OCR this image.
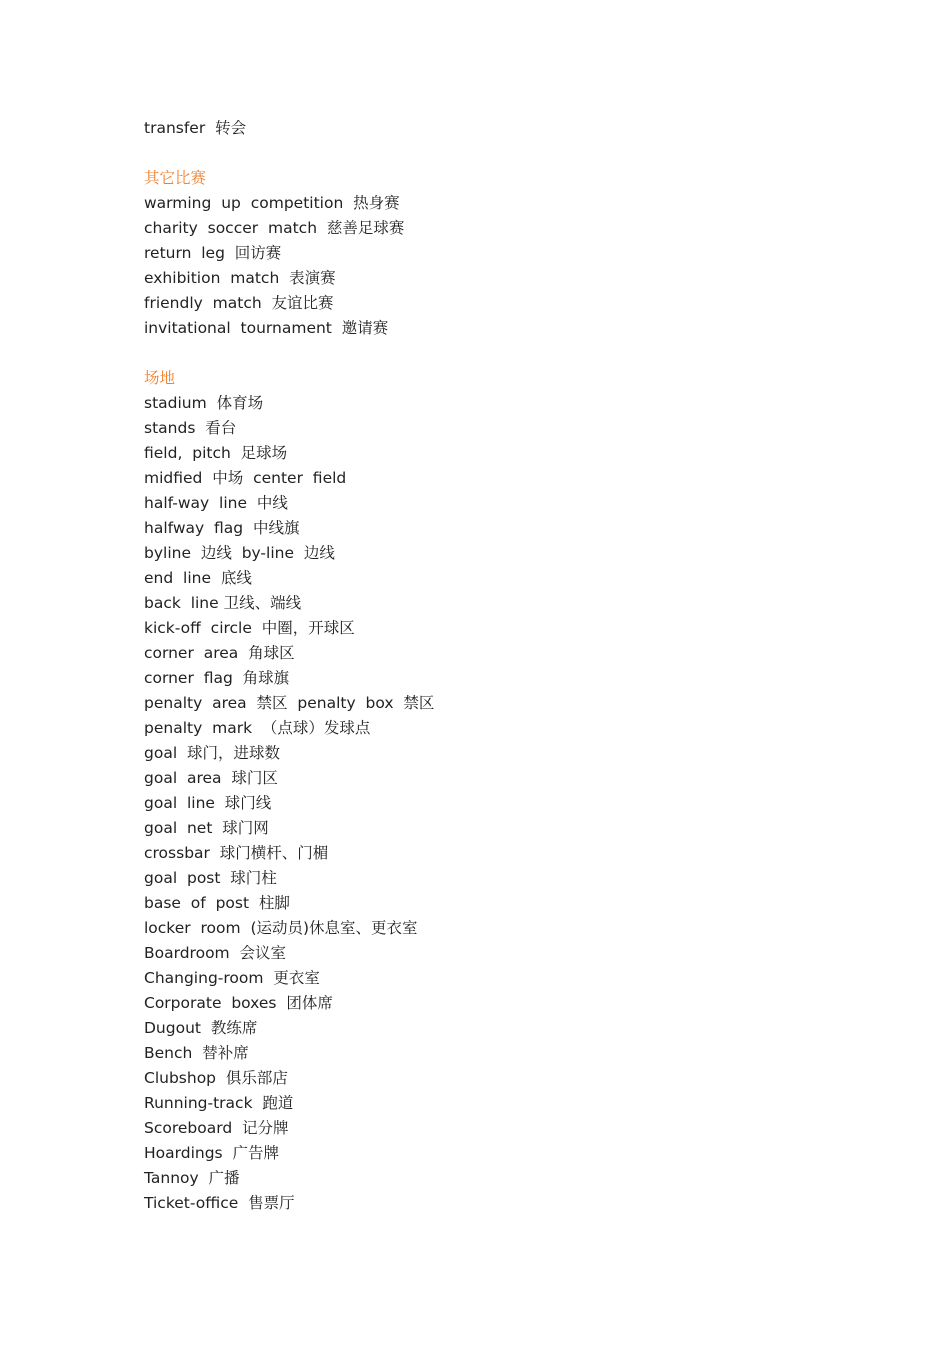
transfer  转会
其它比赛
warming  up  competition  热身赛
charity  soccer  match  慈善足球赛
return  leg  回访赛
exhibition  match  表演赛
friendly  match  友谊比赛
invitational  tournament  邀请赛
场地
stadium  体育场
stands  看台
field,  pitch  足球场
midfied  中场  center  field
half-way  line  中线
halfway  flag  中线旗
byline  边线  by-line  边线
end  line  底线
back  line 卫线、端线
kick-off  circle  中圈，开球区
corner  area  角球区
corner  flag  角球旗
penalty  area  禁区  penalty  box  禁区
penalty  mark  （点球）发球点
goal  球门，进球数
goal  area  球门区
goal  line  球门线
goal  net  球门网
crossbar  球门横杆、门楣
goal  post  球门柱
base  of  post  柱脚
locker  room  (运动员)休息室、更衣室
Boardroom  会议室
Changing-room  更衣室
Corporate  boxes  团体席
Dugout  教练席
Bench  替补席
Clubshop  俱乐部店
Running-track  跑道
Scoreboard  记分牌
Hoardings  广告牌
Tannoy  广播
Ticket-office  售票厅
